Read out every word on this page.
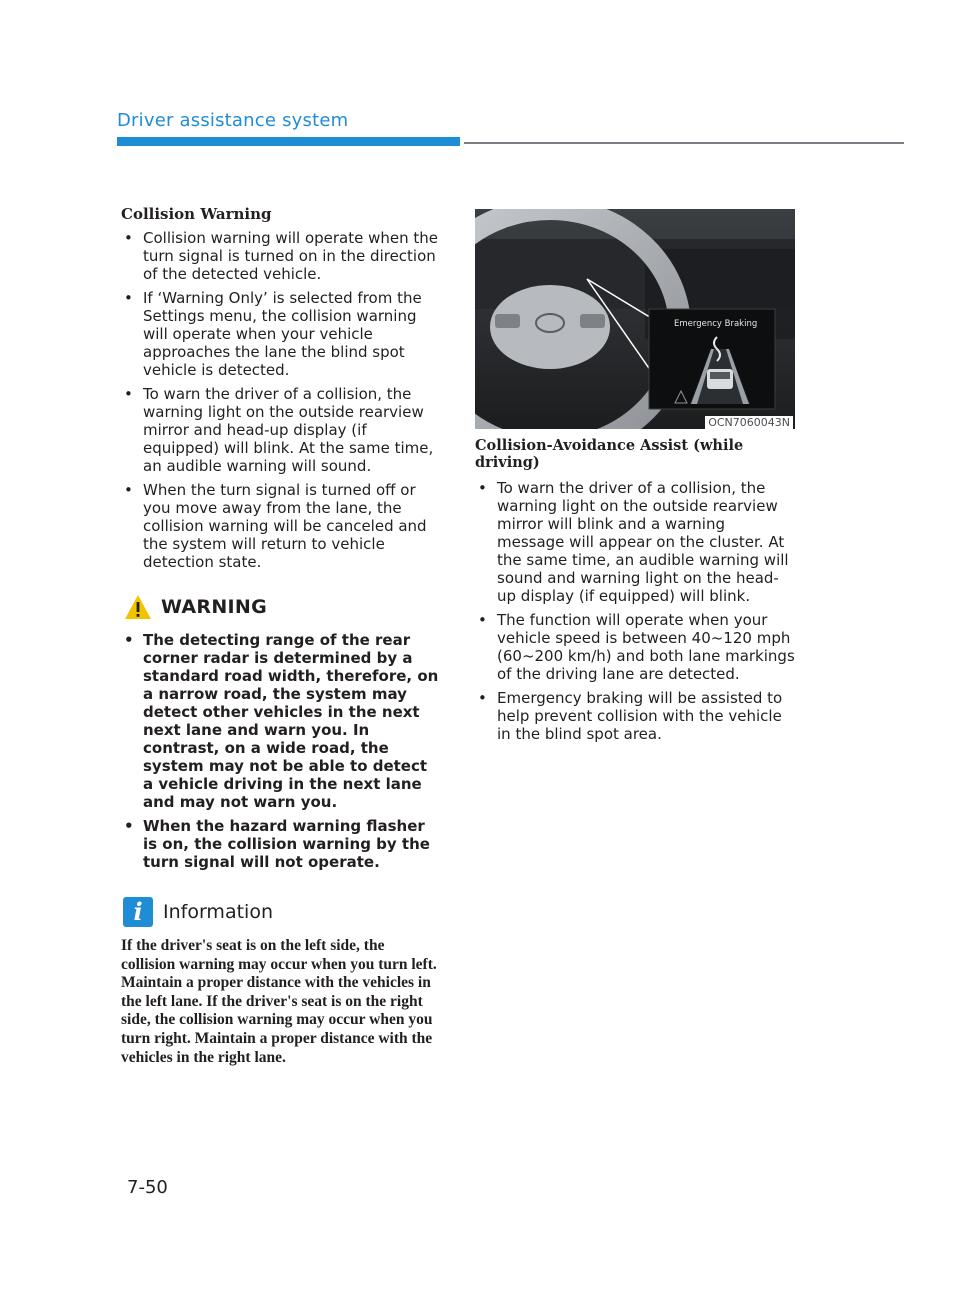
Driver assistance system
Collision Warning
• Collision warning will operate when the turn signal is turned on in the direction of the detected vehicle.
• If ‘Warning Only’ is selected from the Settings menu, the collision warning will operate when your vehicle approaches the lane the blind spot vehicle is detected.
• To warn the driver of a collision, the warning light on the outside rearview mirror and head-up display (if equipped) will blink. At the same time, an audible warning will sound.
• When the turn signal is turned off or you move away from the lane, the collision warning will be canceled and the system will return to vehicle detection state.
WARNING
• The detecting range of the rear corner radar is determined by a standard road width, therefore, on a narrow road, the system may detect other vehicles in the next next lane and warn you. In contrast, on a wide road, the system may not be able to detect a vehicle driving in the next lane and may not warn you.
• When the hazard warning flasher is on, the collision warning by the turn signal will not operate.
i	Information

If the driver's seat is on the left side, the collision warning may occur when you turn left. Maintain a proper distance with the vehicles in the left lane. If the driver's seat is on the right side, the collision warning may occur when you turn right. Maintain a proper distance with the vehicles in the right lane.

Emergency Braking
OCN7060043N
Collision-Avoidance Assist (while driving)
• To warn the driver of a collision, the warning light on the outside rearview mirror will blink and a warning message will appear on the cluster. At the same time, an audible warning will sound and warning light on the head-up display (if equipped) will blink.
• The function will operate when your vehicle speed is between 40~120 mph (60~200 km/h) and both lane markings of the driving lane are detected.
• Emergency braking will be assisted to help prevent collision with the vehicle in the blind spot area.
7-50
